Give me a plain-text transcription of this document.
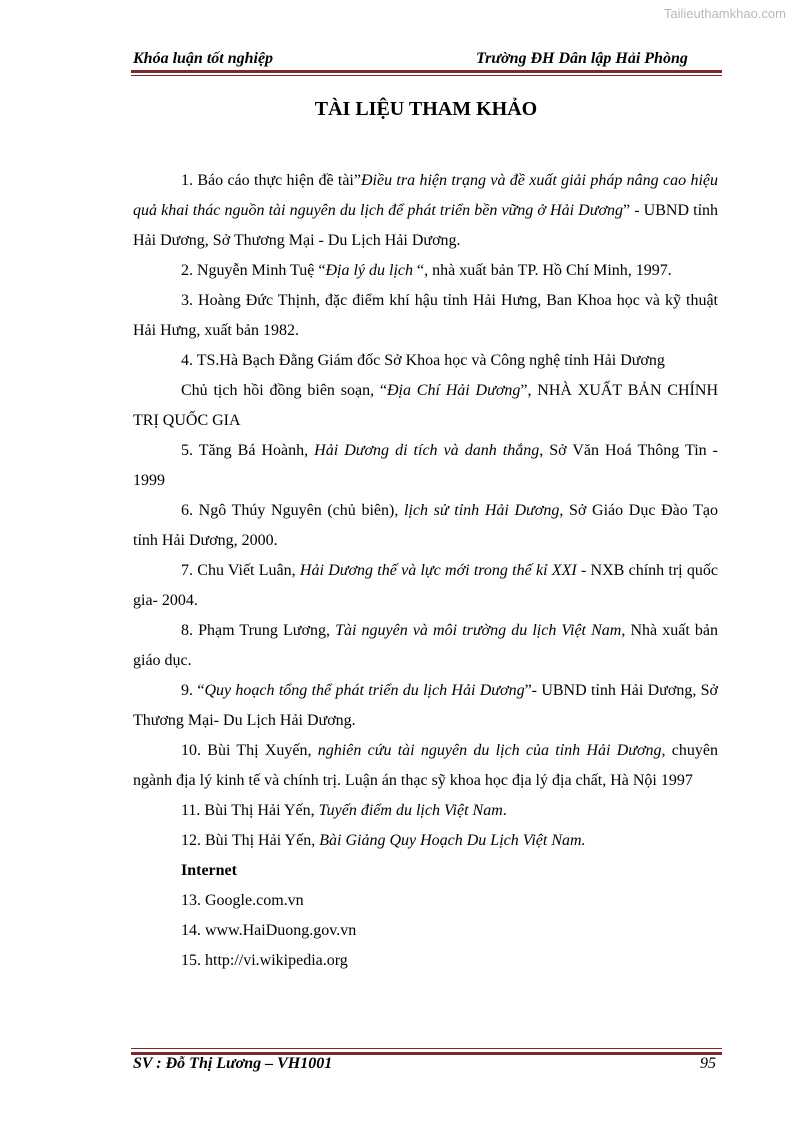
Tailieuthamkhao.com
Khóa luận tốt nghiệp	Trường ĐH Dân lập Hải Phòng
TÀI LIỆU THAM KHẢO

1. Báo cáo thực hiện đề tài”Điều tra hiện trạng và đề xuất giải pháp nâng cao hiệu quả khai thác nguồn tài nguyên du lịch để phát triển bền vững ở Hải Dương” - UBND tỉnh Hải Dương, Sở Thương Mại - Du Lịch Hải Dương.

2. Nguyễn Minh Tuệ “Địa lý du lịch “, nhà xuất bản TP. Hồ Chí Minh, 1997.

3. Hoàng Đức Thịnh, đặc điểm khí hậu tỉnh Hải Hưng, Ban Khoa học và kỹ thuật Hải Hưng, xuất bản 1982.

4. TS.Hà Bạch Đằng Giám đốc Sở Khoa học và Công nghệ tỉnh Hải Dương

Chủ tịch hồi đồng biên soạn, “Địa Chí Hải Dương”, NHÀ XUẤT BẢN CHÍNH TRỊ QUỐC GIA

5. Tăng Bá Hoành, Hải Dương di tích và danh thắng, Sở Văn Hoá Thông Tin - 1999

6. Ngô Thúy Nguyên (chủ biên), lịch sử tỉnh Hải Dương, Sở Giáo Dục Đào Tạo tỉnh Hải Dương, 2000.

7. Chu Viết Luân, Hải Dương thế và lực mới trong thế kỉ XXI - NXB chính trị quốc gia- 2004.

8. Phạm Trung Lương, Tài nguyên và môi trường du lịch Việt Nam, Nhà xuất bản giáo dục.

9. “Quy hoạch tổng thể phát triển du lịch Hải Dương”- UBND tỉnh Hải Dương, Sở Thương Mại- Du Lịch Hải Dương.

10. Bùi Thị Xuyến, nghiên cứu tài nguyên du lịch của tỉnh Hải Dương, chuyên ngành địa lý kinh tế và chính trị. Luận án thạc sỹ khoa học địa lý địa chất, Hà Nội 1997

11. Bùi Thị Hải Yến, Tuyến điểm du lịch Việt Nam.

12. Bùi Thị Hải Yến, Bài Giảng Quy Hoạch Du Lịch Việt Nam.

Internet

13. Google.com.vn

14. www.HaiDuong.gov.vn

15. http://vi.wikipedia.org

SV : Đỗ Thị Lương – VH1001	95
